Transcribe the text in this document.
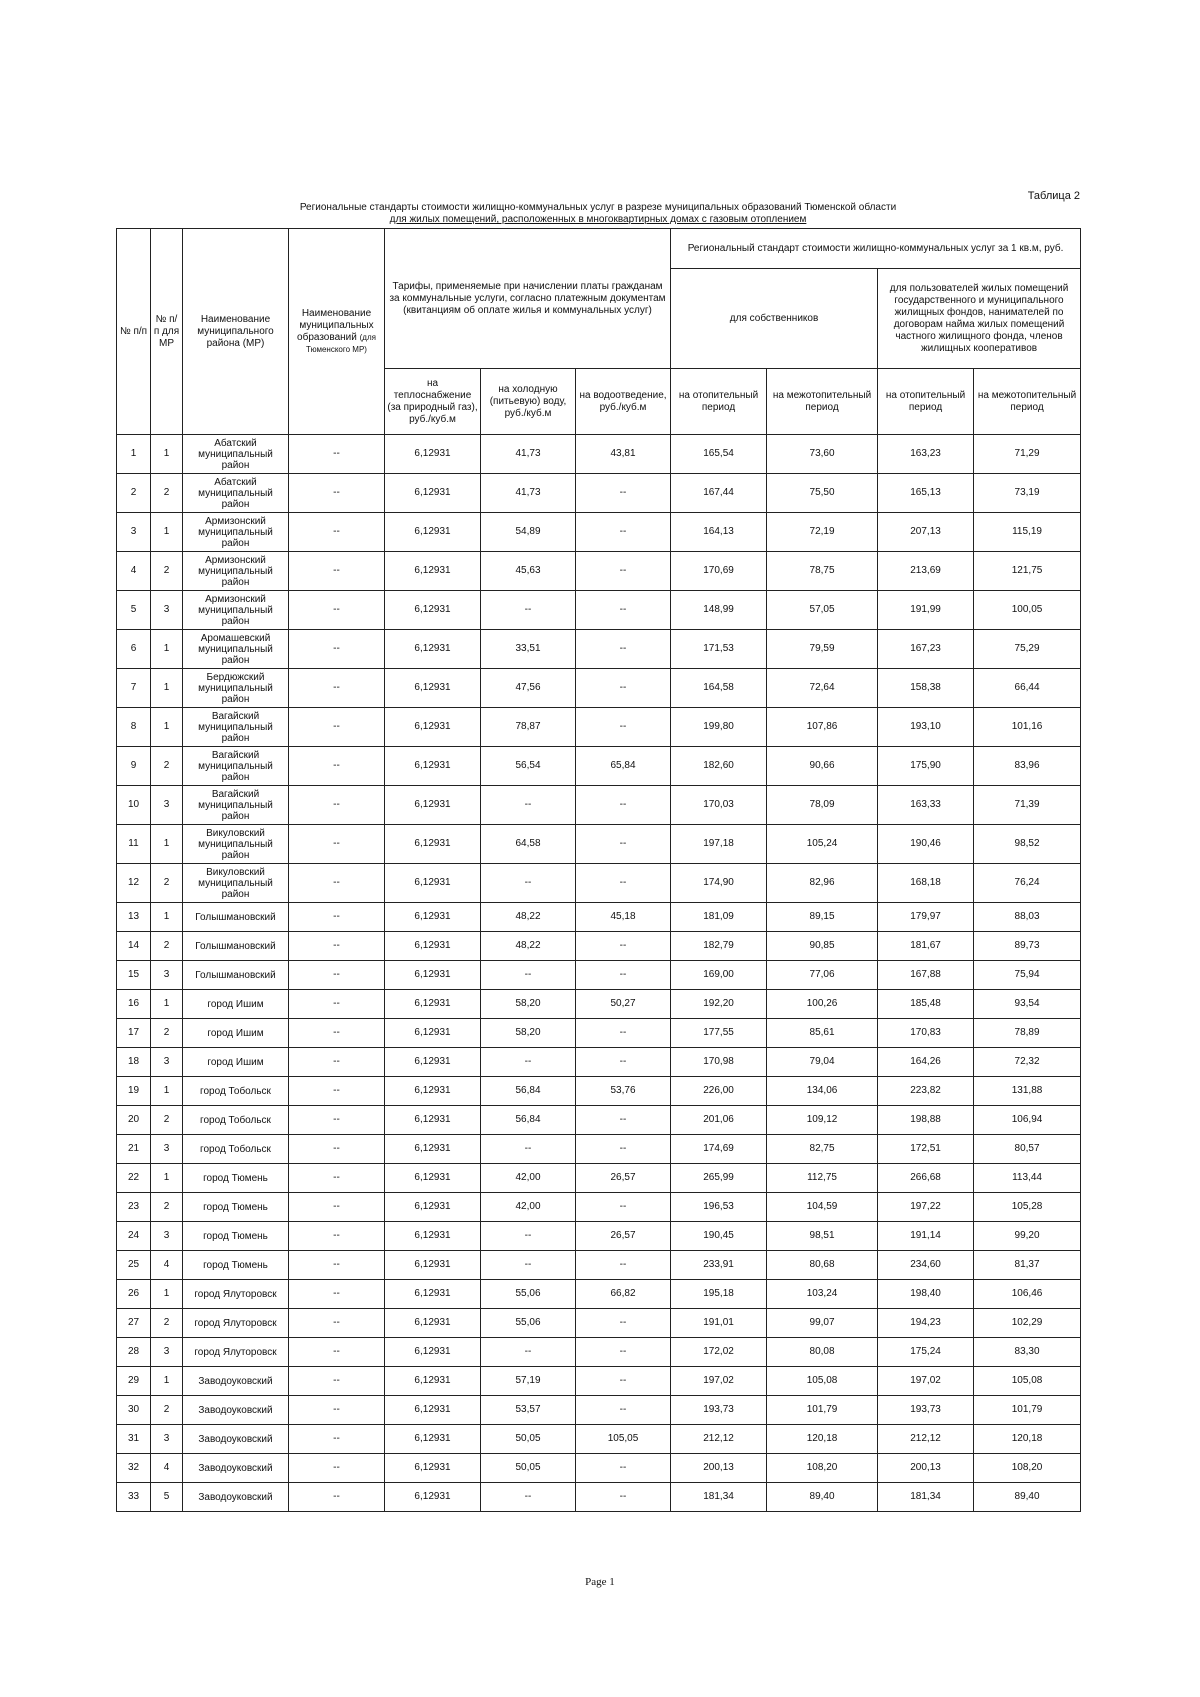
Таблица 2
Региональные стандарты стоимости жилищно-коммунальных услуг в разрезе муниципальных образований Тюменской области
для жилых помещений, расположенных в многоквартирных домах с газовым отоплением
№ п/п	№ п/п для МР	Наименование муниципального района (МР)	Наименование муниципальных образований (для Тюменского МР)	Тарифы, применяемые при начислении платы гражданам за коммунальные услуги, согласно платежным документам (квитанциям об оплате жилья и коммунальных услуг)			Региональный стандарт стоимости жилищно-коммунальных услуг за 1 кв.м, руб.			
							для собственников		для пользователей жилых помещений государственного и муниципального жилищных фондов, нанимателей по договорам найма жилых помещений частного жилищного фонда, членов жилищных кооперативов	
				на теплоснабжение (за природный газ), руб./куб.м	на холодную (питьевую) воду, руб./куб.м	на водоотведение, руб./куб.м	на отопительный период	на межотопительный период	на отопительный период	на межотопительный период
1	1	Абатский муниципальный район	--	6,12931	41,73	43,81	165,54	73,60	163,23	71,29
2	2	Абатский муниципальный район	--	6,12931	41,73	--	167,44	75,50	165,13	73,19
3	1	Армизонский муниципальный район	--	6,12931	54,89	--	164,13	72,19	207,13	115,19
4	2	Армизонский муниципальный район	--	6,12931	45,63	--	170,69	78,75	213,69	121,75
5	3	Армизонский муниципальный район	--	6,12931	--	--	148,99	57,05	191,99	100,05
6	1	Аромашевский муниципальный район	--	6,12931	33,51	--	171,53	79,59	167,23	75,29
7	1	Бердюжский муниципальный район	--	6,12931	47,56	--	164,58	72,64	158,38	66,44
8	1	Вагайский муниципальный район	--	6,12931	78,87	--	199,80	107,86	193,10	101,16
9	2	Вагайский муниципальный район	--	6,12931	56,54	65,84	182,60	90,66	175,90	83,96
10	3	Вагайский муниципальный район	--	6,12931	--	--	170,03	78,09	163,33	71,39
11	1	Викуловский муниципальный район	--	6,12931	64,58	--	197,18	105,24	190,46	98,52
12	2	Викуловский муниципальный район	--	6,12931	--	--	174,90	82,96	168,18	76,24
13	1	Голышмановский	--	6,12931	48,22	45,18	181,09	89,15	179,97	88,03
14	2	Голышмановский	--	6,12931	48,22	--	182,79	90,85	181,67	89,73
15	3	Голышмановский	--	6,12931	--	--	169,00	77,06	167,88	75,94
16	1	город Ишим	--	6,12931	58,20	50,27	192,20	100,26	185,48	93,54
17	2	город Ишим	--	6,12931	58,20	--	177,55	85,61	170,83	78,89
18	3	город Ишим	--	6,12931	--	--	170,98	79,04	164,26	72,32
19	1	город Тобольск	--	6,12931	56,84	53,76	226,00	134,06	223,82	131,88
20	2	город Тобольск	--	6,12931	56,84	--	201,06	109,12	198,88	106,94
21	3	город Тобольск	--	6,12931	--	--	174,69	82,75	172,51	80,57
22	1	город Тюмень	--	6,12931	42,00	26,57	265,99	112,75	266,68	113,44
23	2	город Тюмень	--	6,12931	42,00	--	196,53	104,59	197,22	105,28
24	3	город Тюмень	--	6,12931	--	26,57	190,45	98,51	191,14	99,20
25	4	город Тюмень	--	6,12931	--	--	233,91	80,68	234,60	81,37
26	1	город Ялуторовск	--	6,12931	55,06	66,82	195,18	103,24	198,40	106,46
27	2	город Ялуторовск	--	6,12931	55,06	--	191,01	99,07	194,23	102,29
28	3	город Ялуторовск	--	6,12931	--	--	172,02	80,08	175,24	83,30
29	1	Заводоуковский	--	6,12931	57,19	--	197,02	105,08	197,02	105,08
30	2	Заводоуковский	--	6,12931	53,57	--	193,73	101,79	193,73	101,79
31	3	Заводоуковский	--	6,12931	50,05	105,05	212,12	120,18	212,12	120,18
32	4	Заводоуковский	--	6,12931	50,05	--	200,13	108,20	200,13	108,20
33	5	Заводоуковский	--	6,12931	--	--	181,34	89,40	181,34	89,40
Page 1
